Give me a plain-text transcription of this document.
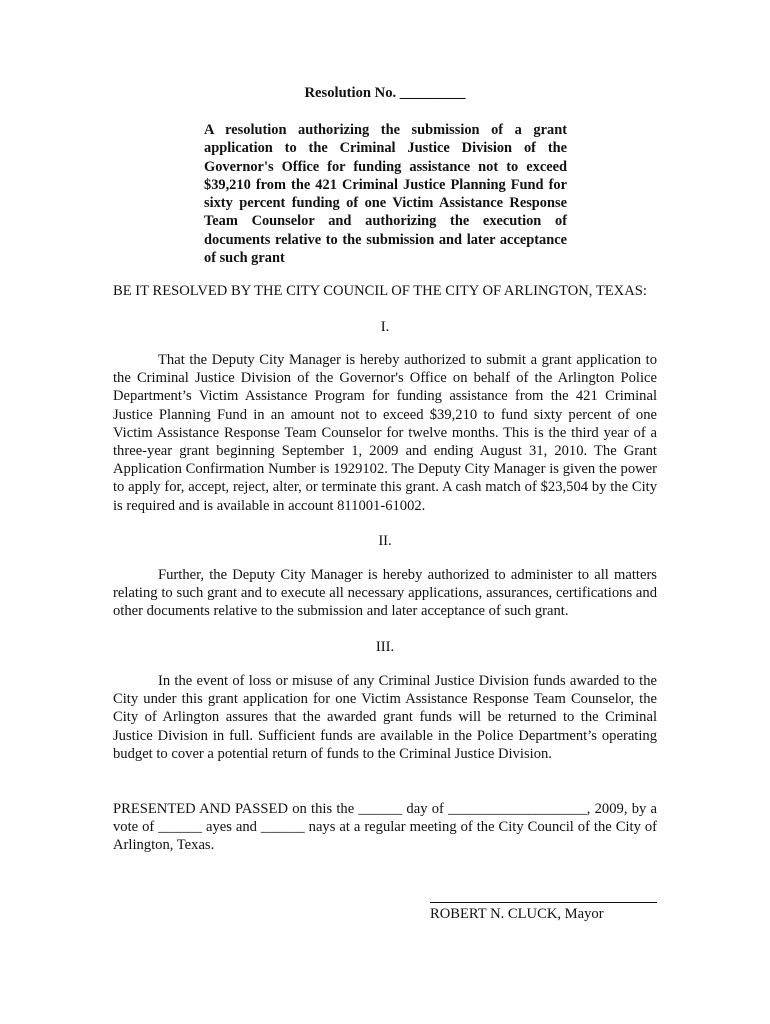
Resolution No. _________
A resolution authorizing the submission of a grant application to the Criminal Justice Division of the Governor's Office for funding assistance not to exceed $39,210 from the 421 Criminal Justice Planning Fund for sixty percent funding of one Victim Assistance Response Team Counselor and authorizing the execution of documents relative to the submission and later acceptance of such grant
BE IT RESOLVED BY THE CITY COUNCIL OF THE CITY OF ARLINGTON, TEXAS:
I.

That the Deputy City Manager is hereby authorized to submit a grant application to the Criminal Justice Division of the Governor's Office on behalf of the Arlington Police Department’s Victim Assistance Program for funding assistance from the 421 Criminal Justice Planning Fund in an amount not to exceed $39,210 to fund sixty percent of one Victim Assistance Response Team Counselor for twelve months. This is the third year of a three-year grant beginning September 1, 2009 and ending August 31, 2010. The Grant Application Confirmation Number is 1929102. The Deputy City Manager is given the power to apply for, accept, reject, alter, or terminate this grant. A cash match of $23,504 by the City is required and is available in account 811001-61002.

II.

Further, the Deputy City Manager is hereby authorized to administer to all matters relating to such grant and to execute all necessary applications, assurances, certifications and other documents relative to the submission and later acceptance of such grant.

III.

In the event of loss or misuse of any Criminal Justice Division funds awarded to the City under this grant application for one Victim Assistance Response Team Counselor, the City of Arlington assures that the awarded grant funds will be returned to the Criminal Justice Division in full. Sufficient funds are available in the Police Department’s operating budget to cover a potential return of funds to the Criminal Justice Division.

PRESENTED AND PASSED on this the ______ day of ___________________, 2009, by a vote of ______ ayes and ______ nays at a regular meeting of the City Council of the City of Arlington, Texas.
ROBERT N. CLUCK, Mayor
